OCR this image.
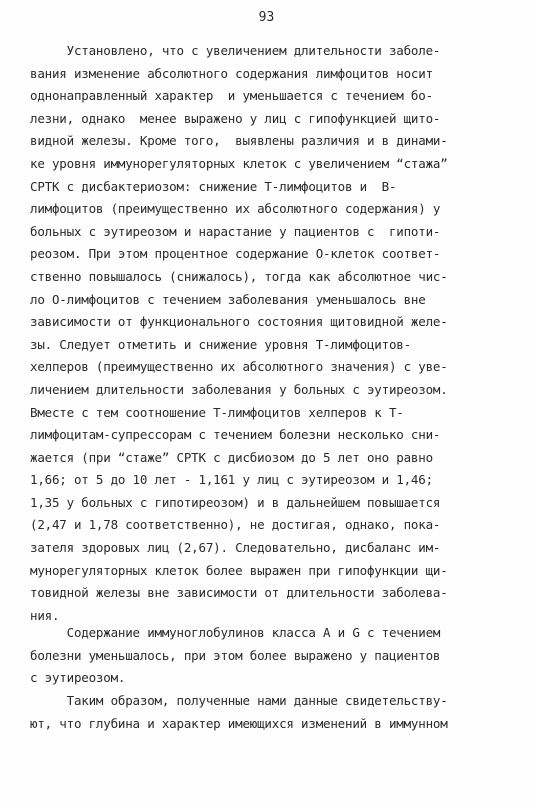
93
Установлено, что с увеличением длительности заболе-
вания изменение абсолютного содержания лимфоцитов носит
однонаправленный характер  и уменьшается с течением бо-
лезни, однако  менее выражено у лиц с гипофункцией щито-
видной железы. Кроме того,  выявлены различия и в динами-
ке уровня иммунорегуляторных клеток с увеличением “стажа”
СРТК с дисбактериозом: снижение Т-лимфоцитов и  В-
лимфоцитов (преимущественно их абсолютного содержания) у
больных с эутиреозом и нарастание у пациентов с  гипоти-
реозом. При этом процентное содержание О-клеток соответ-
ственно повышалось (снижалось), тогда как абсолютное чис-
ло О-лимфоцитов с течением заболевания уменьшалось вне
зависимости от функционального состояния щитовидной желе-
зы. Следует отметить и снижение уровня Т-лимфоцитов-
хелперов (преимущественно их абсолютного значения) с уве-
личением длительности заболевания у больных с эутиреозом.
Вместе с тем соотношение Т-лимфоцитов хелперов к Т-
лимфоцитам-супрессорам с течением болезни несколько сни-
жается (при “стаже” СРТК с дисбиозом до 5 лет оно равно
1,66; от 5 до 10 лет - 1,161 у лиц с эутиреозом и 1,46;
1,35 у больных с гипотиреозом) и в дальнейшем повышается
(2,47 и 1,78 соответственно), не достигая, однако, пока-
зателя здоровых лиц (2,67). Следовательно, дисбаланс им-
мунорегуляторных клеток более выражен при гипофункции щи-
товидной железы вне зависимости от длительности заболева-
ния.
Содержание иммуноглобулинов класса А и G с течением
болезни уменьшалось, при этом более выражено у пациентов
с эутиреозом.
Таким образом, полученные нами данные свидетельству-
ют, что глубина и характер имеющихся изменений в иммунном
